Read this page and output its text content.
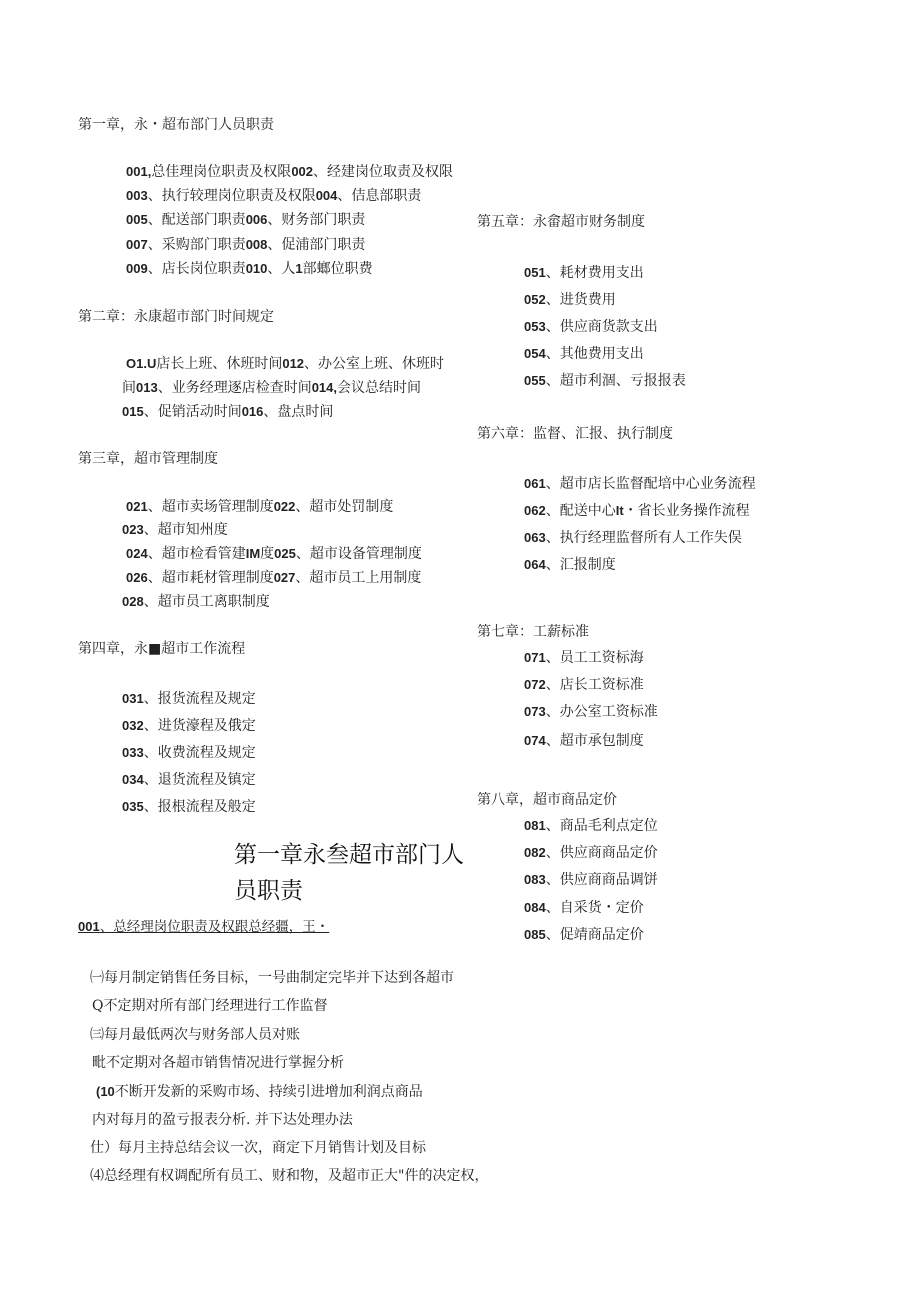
第一章，永・超布部门人员职责
001,总佳理岗位职责及权限002、经建岗位取责及权限
003、执行较理岗位职责及权限004、佶息部职责
005、配送部门职责006、财务部门职责
007、采购部门职责008、促浦部门职责
009、店长岗位职责010、人1部螂位职费
第二章：永康超市部门时间规定
O1.U店长上班、休班时间012、办公室上班、休班时
间013、业务经理逐店检查时间014,会议总结时间
015、促销活动时间016、盘点时间
第三章，超市管理制度
021、超市卖场管理制度022、超市处罚制度
023、超市知州度
024、超市检看管建IM度025、超市设备管理制度
026、超市耗材管理制度027、超市员工上用制度
028、超市员工离职制度
第四章，永■超市工作流程
031、报货流程及规定
032、进货濠程及俄定
033、收费流程及规定
034、退货流程及镇定
035、报根流程及般定
第五章：永畲超市财务制度
051、耗材费用支出
052、进货费用
053、供应商货款支出
054、其他费用支出
055、超市利涸、亏报报表
第六章：监督、汇报、执行制度
061、超市店长监督配培中心业务流程
062、配送中心It・省长业务操作流程
063、执行经理监督所有人工作失俣
064、汇报制度
第七章：工薪标准
071、员工工资标海
072、店长工资标准
073、办公室工资标准
074、超市承包制度
第八章，超市商品定价
081、商品毛利点定位
082、供应商商品定价
083、供应商商品调饼
084、自采货・定价
085、促靖商品定价
第一章永叁超市部门人
员职责
001、总经理岗位职责及权跟总经疆，王・
㈠每月制定销售任务目标，一号曲制定完毕并下达到各超市
Q不定期对所有部门经理进行工作监督
㈢每月最低两次与财务部人员对账
毗不定期对各超市销售情况进行掌握分析
(10不断开发新的采购市场、持续引进增加利润点商品
内对每月的盈亏报表分析. 并下达处理办法
仕）每月主持总结会议一次，商定下月销售计划及目标
⑷总经理有权调配所有员工、财和物，及超市正大"件的决定权，
